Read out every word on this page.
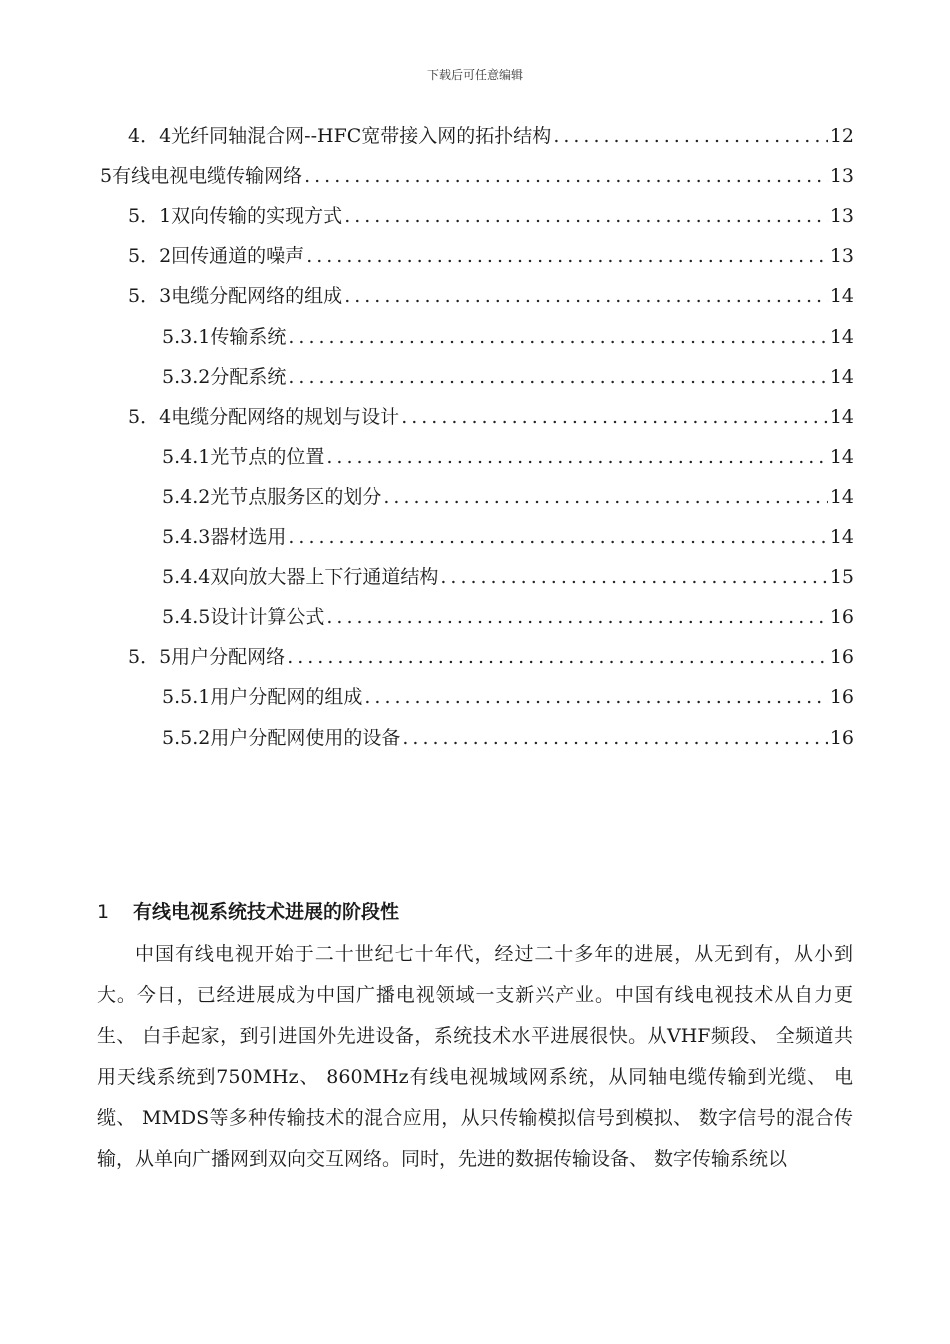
下载后可任意编辑
4．4光纤同轴混合网--HFC宽带接入网的拓扑结构 .....	12
5有线电视电缆传输网络 .....	13
5．1双向传输的实现方式 .....	13
5．2回传通道的噪声 .....	13
5．3电缆分配网络的组成 .....	14
5.3.1传输系统 .....	14
5.3.2分配系统 .....	14
5．4电缆分配网络的规划与设计 .....	14
5.4.1光节点的位置 .....	14
5.4.2光节点服务区的划分 .....	14
5.4.3器材选用 .....	14
5.4.4双向放大器上下行通道结构 .....	15
5.4.5设计计算公式 .....	16
5．5用户分配网络 .....	16
5.5.1用户分配网的组成 .....	16
5.5.2用户分配网使用的设备 .....	16
1 有线电视系统技术进展的阶段性

中国有线电视开始于二十世纪七十年代，经过二十多年的进展，从无到有，从小到大。今日，已经进展成为中国广播电视领域一支新兴产业。中国有线电视技术从自力更生、 白手起家，到引进国外先进设备，系统技术水平进展很快。从VHF频段、 全频道共用天线系统到750MHz、 860MHz有线电视城域网系统，从同轴电缆传输到光缆、 电缆、 MMDS等多种传输技术的混合应用，从只传输模拟信号到模拟、 数字信号的混合传输，从单向广播网到双向交互网络。同时，先进的数据传输设备、 数字传输系统以
